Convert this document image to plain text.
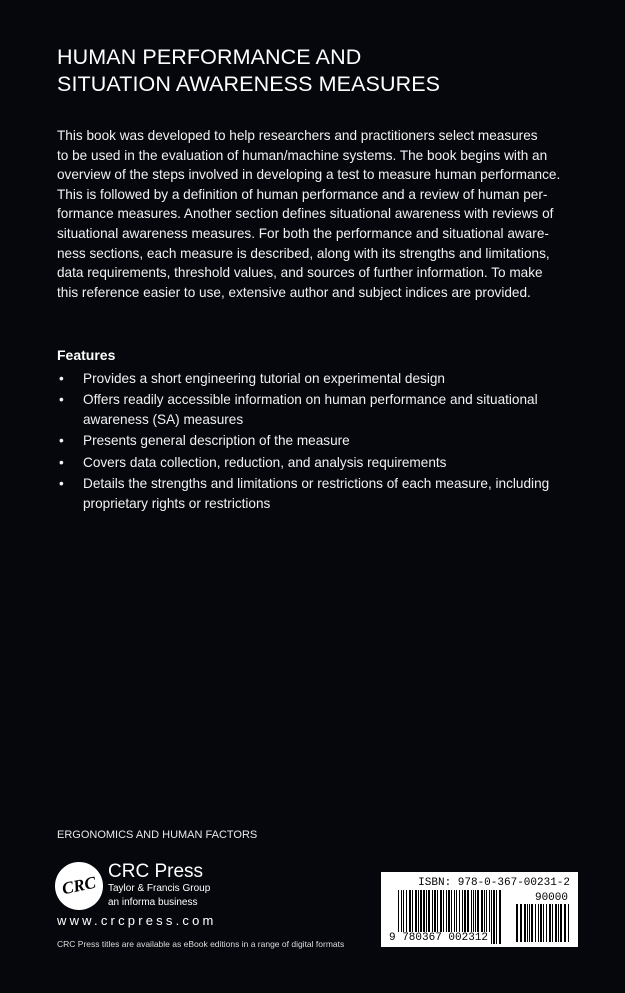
HUMAN PERFORMANCE AND
SITUATION AWARENESS MEASURES
This book was developed to help researchers and practitioners select measures
to be used in the evaluation of human/machine systems. The book begins with an
overview of the steps involved in developing a test to measure human performance.
This is followed by a definition of human performance and a review of human per-
formance measures. Another section defines situational awareness with reviews of
situational awareness measures. For both the performance and situational aware-
ness sections, each measure is described, along with its strengths and limitations,
data requirements, threshold values, and sources of further information. To make
this reference easier to use, extensive author and subject indices are provided.
Features
• Provides a short engineering tutorial on experimental design
• Offers readily accessible information on human performance and situational awareness (SA) measures
• Presents general description of the measure
• Covers data collection, reduction, and analysis requirements
• Details the strengths and limitations or restrictions of each measure, including proprietary rights or restrictions
ERGONOMICS AND HUMAN FACTORS
CRC
CRC Press
Taylor & Francis Group
an informa business
www.crcpress.com
CRC Press titles are available as eBook editions in a range of digital formats
ISBN: 978-0-367-00231-2
90000
9 780367 002312
